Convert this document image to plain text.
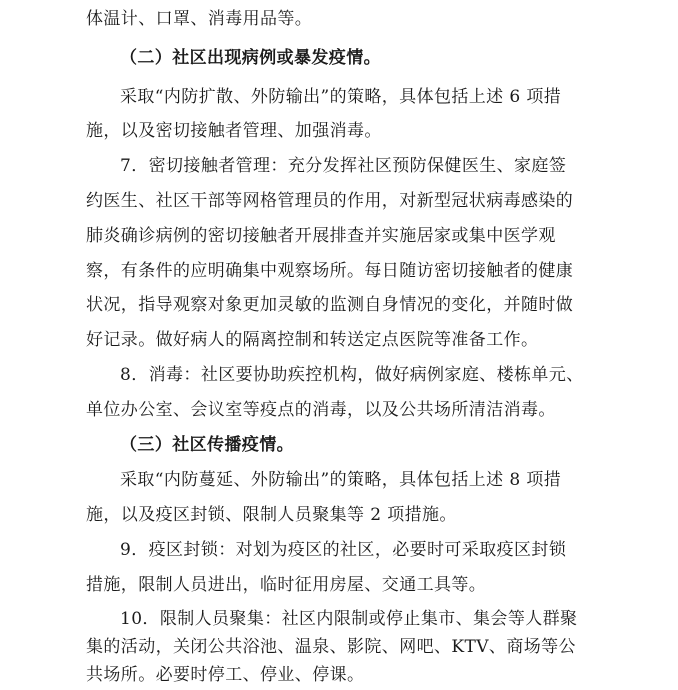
体温计、口罩、消毒用品等。
（二）社区出现病例或暴发疫情。
采取“内防扩散、外防输出”的策略，具体包括上述 6 项措
施，以及密切接触者管理、加强消毒。
7．密切接触者管理：充分发挥社区预防保健医生、家庭签
约医生、社区干部等网格管理员的作用，对新型冠状病毒感染的
肺炎确诊病例的密切接触者开展排查并实施居家或集中医学观
察，有条件的应明确集中观察场所。每日随访密切接触者的健康
状况，指导观察对象更加灵敏的监测自身情况的变化，并随时做
好记录。做好病人的隔离控制和转送定点医院等准备工作。
8．消毒：社区要协助疾控机构，做好病例家庭、楼栋单元、
单位办公室、会议室等疫点的消毒，以及公共场所清洁消毒。
（三）社区传播疫情。
采取“内防蔓延、外防输出”的策略，具体包括上述 8 项措
施，以及疫区封锁、限制人员聚集等 2 项措施。
9．疫区封锁：对划为疫区的社区，必要时可采取疫区封锁
措施，限制人员进出，临时征用房屋、交通工具等。
10．限制人员聚集：社区内限制或停止集市、集会等人群聚
集的活动，关闭公共浴池、温泉、影院、网吧、KTV、商场等公
共场所。必要时停工、停业、停课。
